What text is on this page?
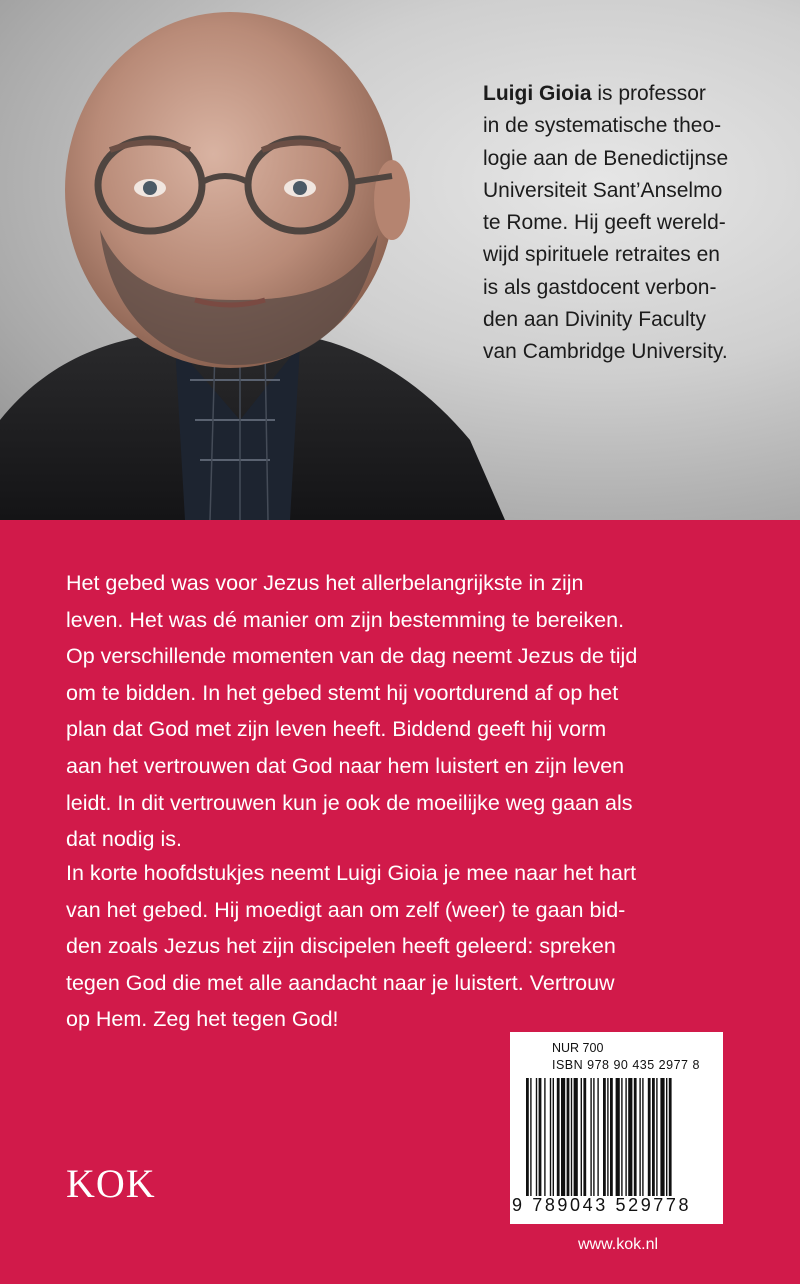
Luigi Gioia is professor
in de systematische theo-
logie aan de Benedictijnse
Universiteit Sant’Anselmo
te Rome. Hij geeft wereld-
wijd spirituele retraites en
is als gastdocent verbon-
den aan Divinity Faculty
van Cambridge University.
Het gebed was voor Jezus het allerbelangrijkste in zijn
leven. Het was dé manier om zijn bestemming te bereiken.
Op verschillende momenten van de dag neemt Jezus de tijd
om te bidden. In het gebed stemt hij voortdurend af op het
plan dat God met zijn leven heeft. Biddend geeft hij vorm
aan het vertrouwen dat God naar hem luistert en zijn leven
leidt. In dit vertrouwen kun je ook de moeilijke weg gaan als
dat nodig is.
In korte hoofdstukjes neemt Luigi Gioia je mee naar het hart
van het gebed. Hij moedigt aan om zelf (weer) te gaan bid-
den zoals Jezus het zijn discipelen heeft geleerd: spreken
tegen God die met alle aandacht naar je luistert. Vertrouw
op Hem. Zeg het tegen God!
NUR 700
ISBN 978 90 435 2977 8
9 789043 529778
KOK
www.kok.nl
